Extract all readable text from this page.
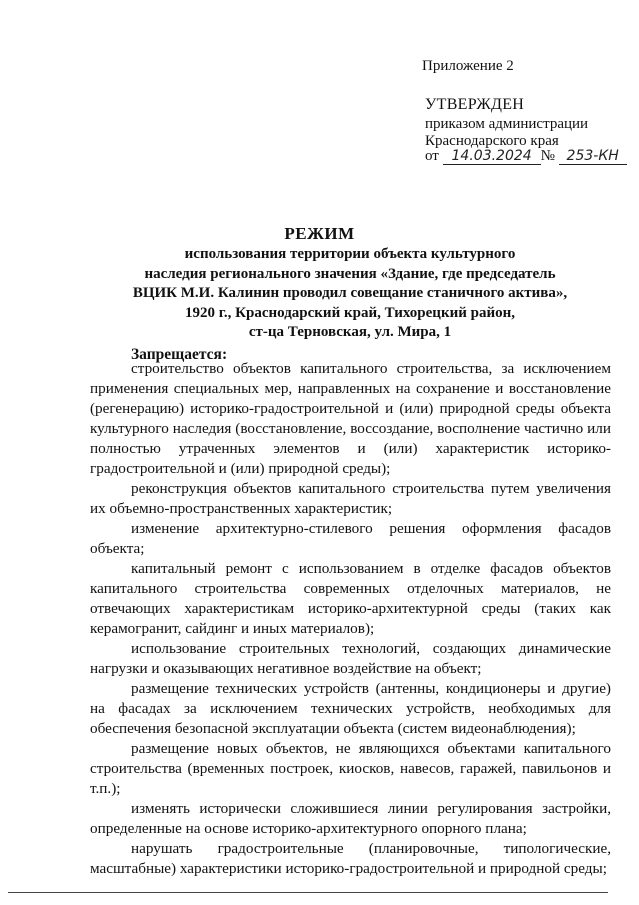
Приложение 2
УТВЕРЖДЕН
приказом администрации
Краснодарского края
от 14.03.2024 № 253-КН
РЕЖИМ
использования территории объекта культурного
наследия регионального значения «Здание, где председатель
ВЦИК М.И. Калинин проводил совещание станичного актива»,
1920 г., Краснодарский край, Тихорецкий район,
ст-ца Терновская, ул. Мира, 1
Запрещается:

строительство объектов капитального строительства, за исключением применения специальных мер, направленных на сохранение и восстановление (регенерацию) историко-градостроительной и (или) природной среды объекта культурного наследия (восстановление, воссоздание, восполнение частично или полностью утраченных элементов и (или) характеристик историко-градостроительной и (или) природной среды);

реконструкция объектов капитального строительства путем увеличения их объемно-пространственных характеристик;

изменение архитектурно-стилевого решения оформления фасадов объекта;

капитальный ремонт с использованием в отделке фасадов объектов капитального строительства современных отделочных материалов, не отвечающих характеристикам историко-архитектурной среды (таких как керамогранит, сайдинг и иных материалов);

использование строительных технологий, создающих динамические нагрузки и оказывающих негативное воздействие на объект;

размещение технических устройств (антенны, кондиционеры и другие) на фасадах за исключением технических устройств, необходимых для обеспечения безопасной эксплуатации объекта (систем видеонаблюдения);

размещение новых объектов, не являющихся объектами капитального строительства (временных построек, киосков, навесов, гаражей, павильонов и т.п.);

изменять исторически сложившиеся линии регулирования застройки, определенные на основе историко-архитектурного опорного плана;

нарушать градостроительные (планировочные, типологические, масштабные) характеристики историко-градостроительной и природной среды;
